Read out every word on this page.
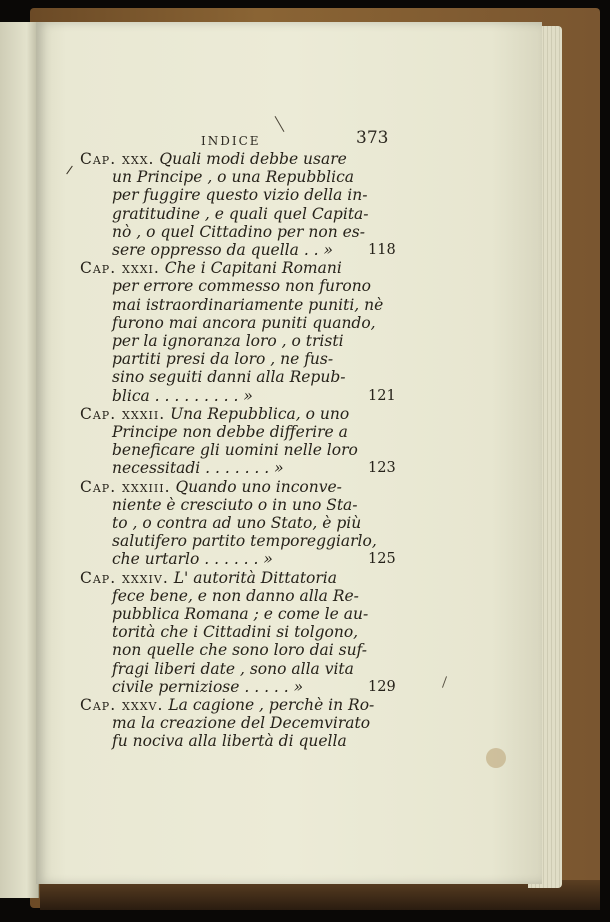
INDICE	373
Cap. xxx. Quali modi debbe usare
un Principe , o una Repubblica
per fuggire questo vizio della in-
gratitudine , e quali quel Capita-
nò , o quel Cittadino per non es-
sere oppresso da quella . . » 118
Cap. xxxi. Che i Capitani Romani
per errore commesso non furono
mai istraordinariamente puniti, nè
furono mai ancora puniti quando,
per la ignoranza loro , o tristi
partiti presi da loro , ne fus-
sino seguiti danni alla Repub-
blica . . . . . . . . . »	121
Cap. xxxii. Una Repubblica, o uno
Principe non debbe differire a
beneficare gli uomini nelle loro
necessitadi . . . . . . . »	123
Cap. xxxiii. Quando uno inconve-
niente è cresciuto o in uno Sta-
to , o contra ad uno Stato, è più
salutifero partito temporeggiarlo,
che urtarlo . . . . . . »	125
Cap. xxxiv. L' autorità Dittatoria
fece bene, e non danno alla Re-
pubblica Romana ; e come le au-
torità che i Cittadini si tolgono,
non quelle che sono loro dai suf-
fragi liberi date , sono alla vita
civile perniziose . . . . . »	129
Cap. xxxv. La cagione , perchè in Ro-
ma la creazione del Decemvirato
fu nociva alla libertà di quella
